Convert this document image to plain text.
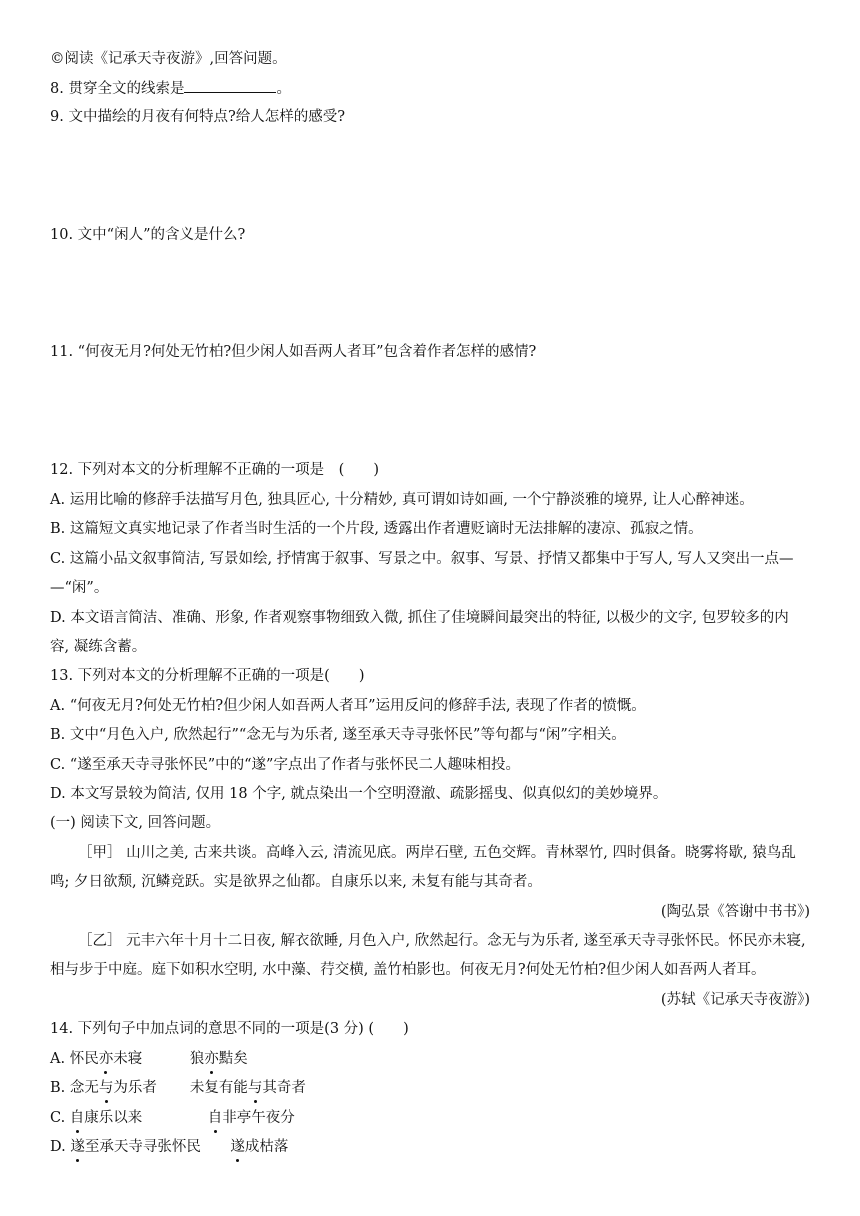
©阅读《记承天寺夜游》,回答问题。
8. 贯穿全文的线索是	。
9. 文中描绘的月夜有何特点?给人怎样的感受?
10. 文中“闲人”的含义是什么?
11. “何夜无月?何处无竹柏?但少闲人如吾两人者耳”包含着作者怎样的感情?
12. 下列对本文的分析理解不正确的一项是　(　　)
A. 运用比喻的修辞手法描写月色, 独具匠心, 十分精妙, 真可谓如诗如画, 一个宁静淡雅的境界, 让人心醉神迷。
B. 这篇短文真实地记录了作者当时生活的一个片段, 透露出作者遭贬谪时无法排解的凄凉、孤寂之情。
C. 这篇小品文叙事简洁, 写景如绘, 抒情寓于叙事、写景之中。叙事、写景、抒情又都集中于写人, 写人又突出一点—
—“闲”。
D. 本文语言简洁、准确、形象, 作者观察事物细致入微, 抓住了佳境瞬间最突出的特征, 以极少的文字, 包罗较多的内
容, 凝练含蓄。
13. 下列对本文的分析理解不正确的一项是(　　)
A. “何夜无月?何处无竹柏?但少闲人如吾两人者耳”运用反问的修辞手法, 表现了作者的愤慨。
B. 文中“月色入户, 欣然起行”“念无与为乐者, 遂至承天寺寻张怀民”等句都与“闲”字相关。
C. “遂至承天寺寻张怀民”中的“遂”字点出了作者与张怀民二人趣味相投。
D. 本文写景较为简洁, 仅用 18 个字, 就点染出一个空明澄澈、疏影摇曳、似真似幻的美妙境界。
(一) 阅读下文, 回答问题。
［甲］ 山川之美, 古来共谈。高峰入云, 清流见底。两岸石壁, 五色交辉。青林翠竹, 四时俱备。晓雾将歇, 猿鸟乱
鸣; 夕日欲颓, 沉鳞竞跃。实是欲界之仙都。自康乐以来, 未复有能与其奇者。
(陶弘景《答谢中书书》)
［乙］ 元丰六年十月十二日夜, 解衣欲睡, 月色入户, 欣然起行。念无与为乐者, 遂至承天寺寻张怀民。怀民亦未寝,
相与步于中庭。庭下如积水空明, 水中藻、荇交横, 盖竹柏影也。何夜无月?何处无竹柏?但少闲人如吾两人者耳。
(苏轼《记承天寺夜游》)
14. 下列句子中加点词的意思不同的一项是(3 分) (　　)
A. 怀民亦未寝	狼亦黠矣
B. 念无与为乐者 未复有能与其奇者
C. 自康乐以来	自非亭午夜分
D. 遂至承天寺寻张怀民 遂成枯落
